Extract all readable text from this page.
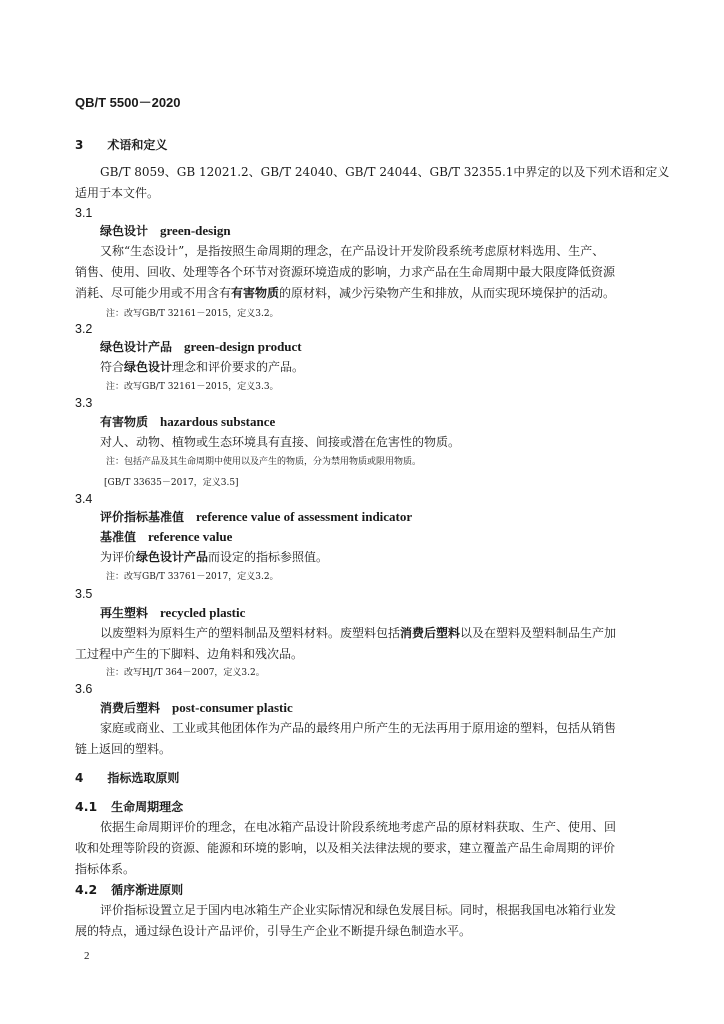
QB/T 5500－2020
3 术语和定义
GB/T 8059、GB 12021.2、GB/T 24040、GB/T 24044、GB/T 32355.1中界定的以及下列术语和定义
适用于本文件。
3.1
绿色设计 green-design
又称“生态设计”，是指按照生命周期的理念，在产品设计开发阶段系统考虑原材料选用、生产、
销售、使用、回收、处理等各个环节对资源环境造成的影响，力求产品在生命周期中最大限度降低资源
消耗、尽可能少用或不用含有有害物质的原材料，减少污染物产生和排放，从而实现环境保护的活动。
注：改写GB/T 32161－2015，定义3.2。
3.2
绿色设计产品 green-design product
符合绿色设计理念和评价要求的产品。
注：改写GB/T 32161－2015，定义3.3。
3.3
有害物质 hazardous substance
对人、动物、植物或生态环境具有直接、间接或潜在危害性的物质。
注：包括产品及其生命周期中使用以及产生的物质，分为禁用物质或限用物质。
[GB/T 33635－2017，定义3.5]
3.4
评价指标基准值 reference value of assessment indicator
基准值 reference value
为评价绿色设计产品而设定的指标参照值。
注：改写GB/T 33761－2017，定义3.2。
3.5
再生塑料 recycled plastic
以废塑料为原料生产的塑料制品及塑料材料。废塑料包括消费后塑料以及在塑料及塑料制品生产加
工过程中产生的下脚料、边角料和残次品。
注：改写HJ/T 364－2007，定义3.2。
3.6
消费后塑料 post-consumer plastic
家庭或商业、工业或其他团体作为产品的最终用户所产生的无法再用于原用途的塑料，包括从销售
链上返回的塑料。
4 指标选取原则
4.1 生命周期理念
依据生命周期评价的理念，在电冰箱产品设计阶段系统地考虑产品的原材料获取、生产、使用、回
收和处理等阶段的资源、能源和环境的影响，以及相关法律法规的要求，建立覆盖产品生命周期的评价
指标体系。
4.2 循序渐进原则
评价指标设置立足于国内电冰箱生产企业实际情况和绿色发展目标。同时，根据我国电冰箱行业发
展的特点，通过绿色设计产品评价，引导生产企业不断提升绿色制造水平。
2
